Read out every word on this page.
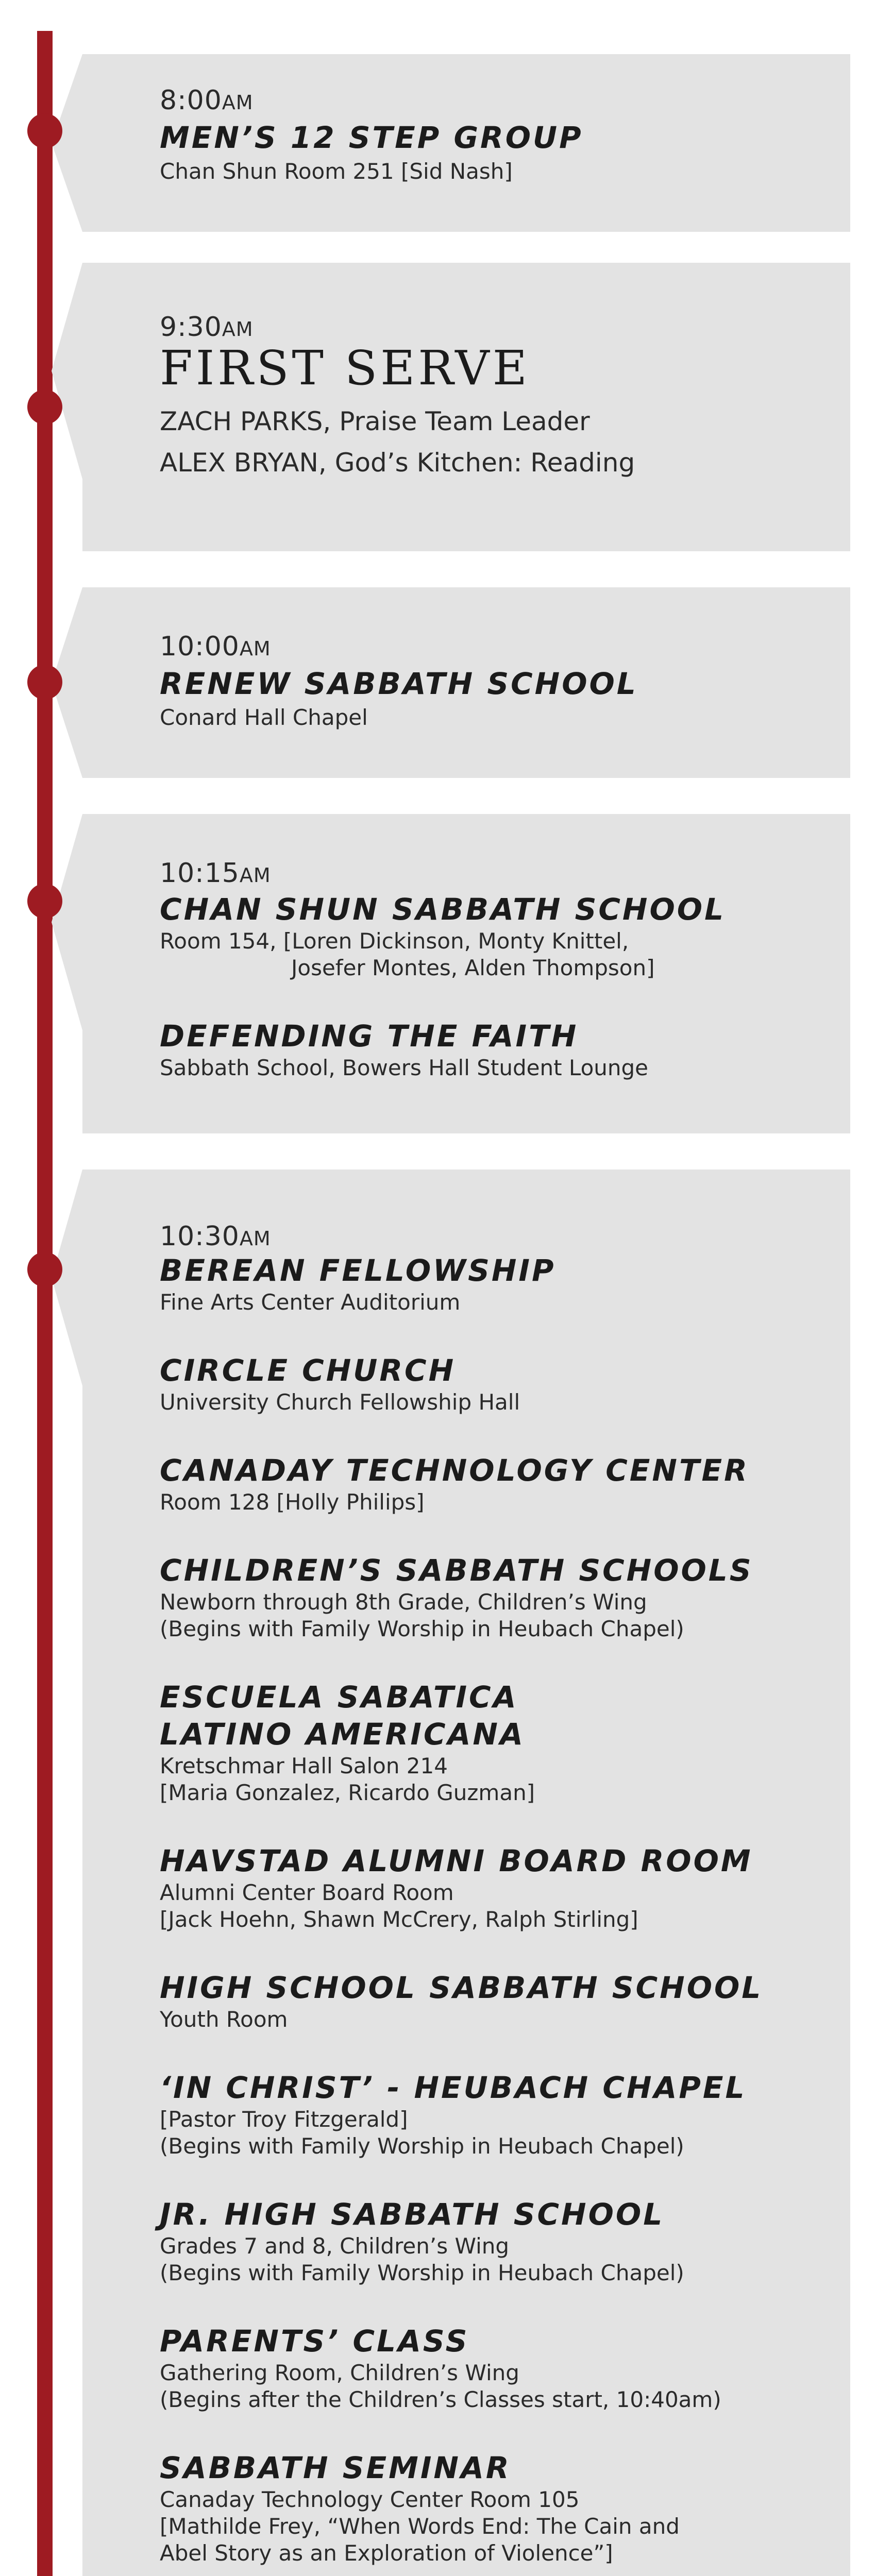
8:00AM
MEN’S 12 STEP GROUP
Chan Shun Room 251 [Sid Nash]
9:30AM
FIRST SERVE
ZACH PARKS, Praise Team Leader
ALEX BRYAN, God’s Kitchen: Reading
10:00AM
RENEW SABBATH SCHOOL
Conard Hall Chapel
10:15AM
CHAN SHUN SABBATH SCHOOL
Room 154, [Loren Dickinson, Monty Knittel,
Josefer Montes, Alden Thompson]
DEFENDING THE FAITH
Sabbath School, Bowers Hall Student Lounge
10:30AM
BEREAN FELLOWSHIP
Fine Arts Center Auditorium
CIRCLE CHURCH
University Church Fellowship Hall
CANADAY TECHNOLOGY CENTER
Room 128 [Holly Philips]
CHILDREN’S SABBATH SCHOOLS
Newborn through 8th Grade, Children’s Wing
(Begins with Family Worship in Heubach Chapel)
ESCUELA SABATICA
LATINO AMERICANA
Kretschmar Hall Salon 214
[Maria Gonzalez, Ricardo Guzman]
HAVSTAD ALUMNI BOARD ROOM
Alumni Center Board Room
[Jack Hoehn, Shawn McCrery, Ralph Stirling]
HIGH SCHOOL SABBATH SCHOOL
Youth Room
‘IN CHRIST’ - HEUBACH CHAPEL
[Pastor Troy Fitzgerald]
(Begins with Family Worship in Heubach Chapel)
JR. HIGH SABBATH SCHOOL
Grades 7 and 8, Children’s Wing
(Begins with Family Worship in Heubach Chapel)
PARENTS’ CLASS
Gathering Room, Children’s Wing
(Begins after the Children’s Classes start, 10:40am)
SABBATH SEMINAR
Canaday Technology Center Room 105
[Mathilde Frey, “When Words End: The Cain and
Abel Story as an Exploration of Violence”]
